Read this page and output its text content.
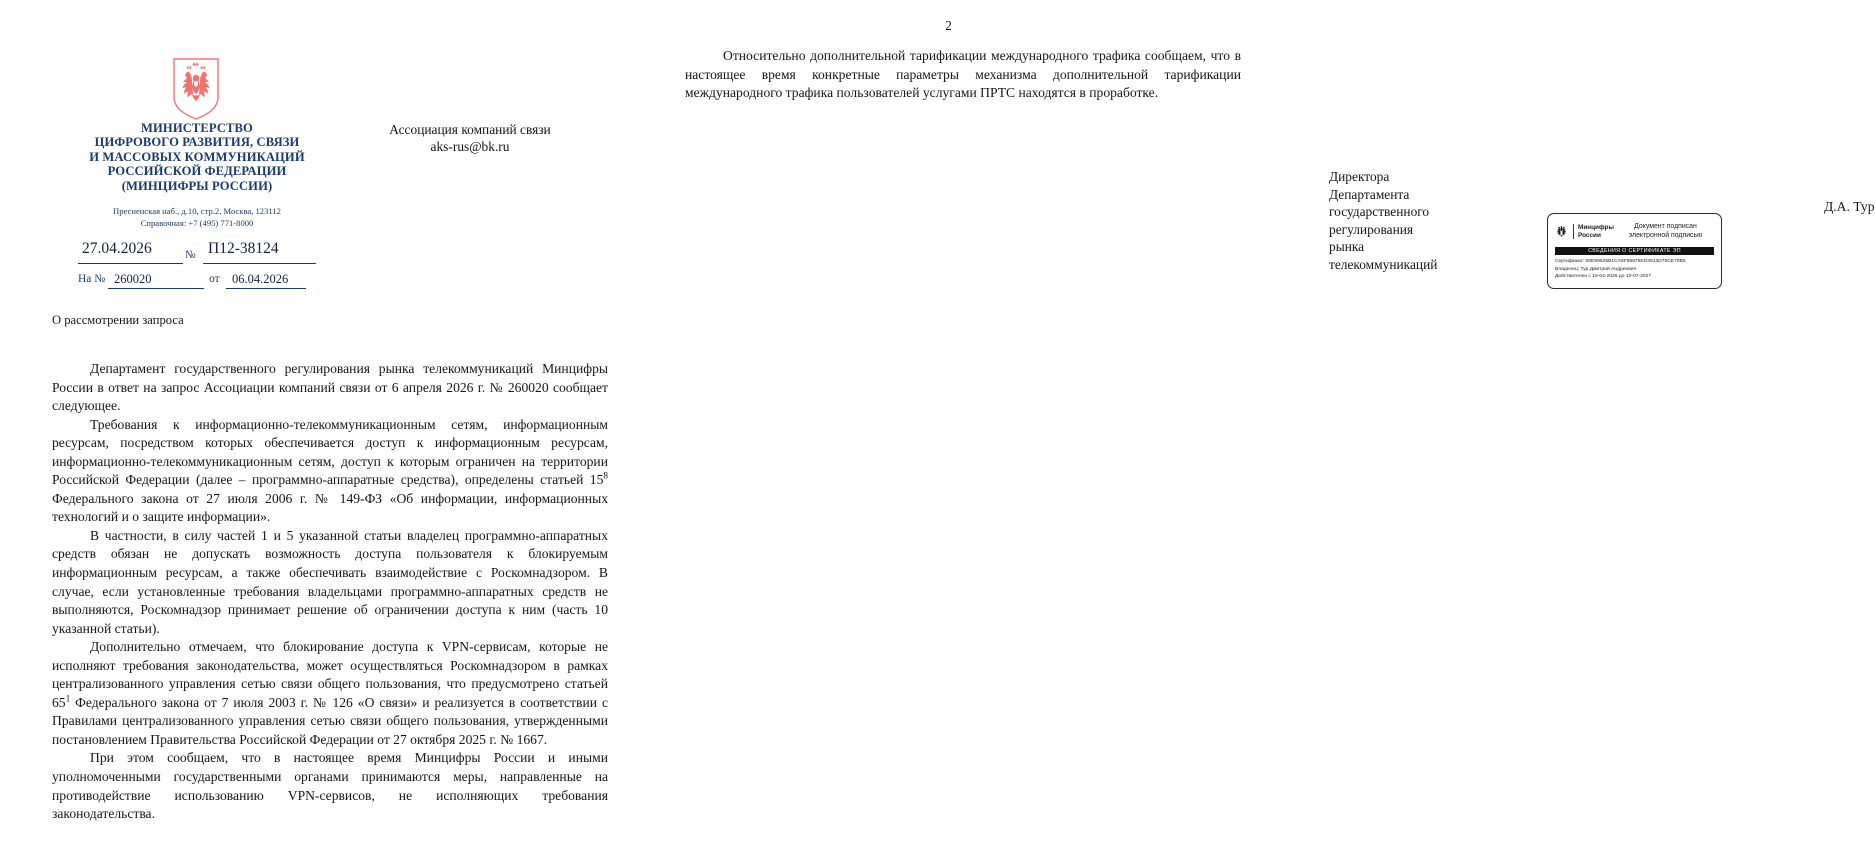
МИНИСТЕРСТВО
ЦИФРОВОГО РАЗВИТИЯ, СВЯЗИ
И МАССОВЫХ КОММУНИКАЦИЙ
РОССИЙСКОЙ ФЕДЕРАЦИИ
(МИНЦИФРЫ РОССИИ)
Пресненская наб., д.10, стр.2, Москва, 123112
Справочная: +7 (495) 771-8000
27.04.2026	№ П12-38124
На № 260020	от 06.04.2026
Ассоциация компаний связи
aks-rus@bk.ru
О рассмотрении запроса

Департамент государственного регулирования рынка телекоммуникаций Минцифры России в ответ на запрос Ассоциации компаний связи от 6 апреля 2026 г. № 260020 сообщает следующее.

Требования к информационно-телекоммуникационным сетям, информационным ресурсам, посредством которых обеспечивается доступ к информационным ресурсам, информационно-телекоммуникационным сетям, доступ к которым ограничен на территории Российской Федерации (далее – программно-аппаратные средства), определены статьей $15^8$ Федерального закона от 27 июля 2006 г. № 149-ФЗ «Об информации, информационных технологий и о защите информации».

В частности, в силу частей 1 и 5 указанной статьи владелец программно-аппаратных средств обязан не допускать возможность доступа пользователя к блокируемым информационным ресурсам, а также обеспечивать взаимодействие с Роскомнадзором. В случае, если установленные требования владельцами программно-аппаратных средств не выполняются, Роскомнадзор принимает решение об ограничении доступа к ним (часть 10 указанной статьи).

Дополнительно отмечаем, что блокирование доступа к VPN-сервисам, которые не исполняют требования законодательства, может осуществляться Роскомнадзором в рамках централизованного управления сетью связи общего пользования, что предусмотрено статьей $65^1$ Федерального закона от 7 июля 2003 г. № 126 «О связи» и реализуется в соответствии с Правилами централизованного управления сетью связи общего пользования, утвержденными постановлением Правительства Российской Федерации от 27 октября 2025 г. № 1667.

При этом сообщаем, что в настоящее время Минцифры России и иными уполномоченными государственными органами принимаются меры, направленные на противодействие использованию VPN-сервисов, не исполняющих требования законодательства.

2

Относительно дополнительной тарификации международного трафика сообщаем, что в настоящее время конкретные параметры механизма дополнительной тарификации международного трафика пользователей услугами ПРТС находятся в проработке.

Директора Департамента
государственного регулирования
рынка телекоммуникаций
Д.А. Тур
Минцифры
России
Документ подписан
электронной подписью
СВЕДЕНИЯ О СЕРТИФИКАТЕ ЭП
Сертификат: 00E99625B1CA8F96675ED3913D70CE70B5
Владелец: Тур Дмитрий Андреевич
Действителен с 16-04-2026 до 10-07-2027
